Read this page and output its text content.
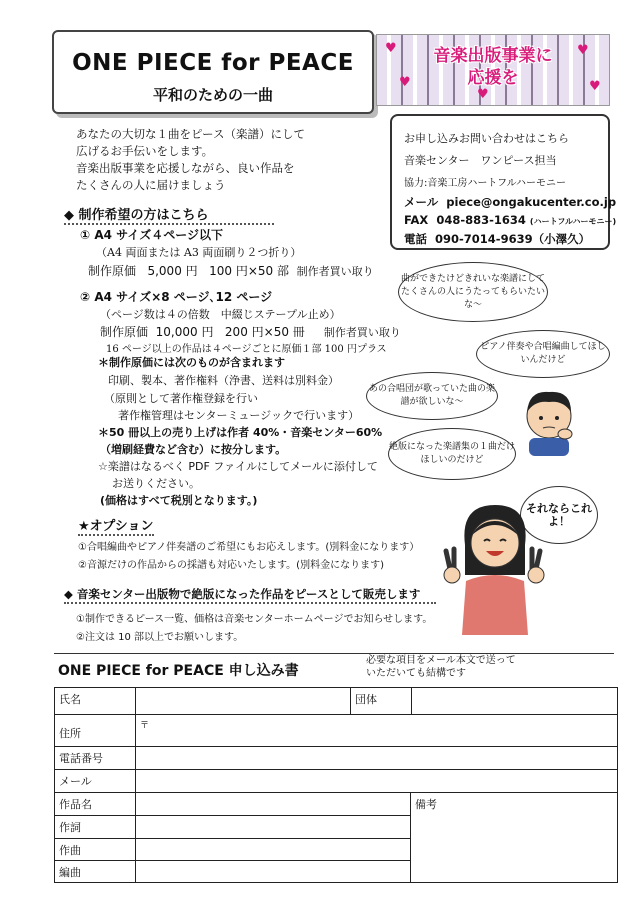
ONE PIECE for PEACE
平和のための一曲
♥
♥
♥
♥
♥
音楽出版事業に
応援を
あなたの大切な１曲をピース（楽譜）にして
広げるお手伝いをします。
音楽出版事業を応援しながら、良い作品を
たくさんの人に届けましょう
お申し込みお問い合わせはこちら
音楽センター　ワンピース担当
協力:音楽工房ハートフルハーモニー
メール piece@ongakucenter.co.jp
FAX 048-883-1634 (ハートフルハーモニー)
電話 090-7014-9639（小澤久）
◆ 制作希望の方はこちら
① A4 サイズ４ページ以下
（A4 両面または A3 両面刷り２つ折り）
制作原価 5,000 円 100 円×50 部 制作者買い取り
② A4 サイズ×8 ページ､12 ページ
（ページ数は４の倍数　中綴じステープル止め）
制作原価 10,000 円 200 円×50 冊 制作者買い取り
16 ページ以上の作品は４ページごとに原価１部 100 円プラス
＊制作原価には次のものが含まれます
印刷、製本、著作権料（浄書、送料は別料金）
（原則として著作権登録を行い
著作権管理はセンターミュージックで行います）
＊50 冊以上の売り上げは作者 40%・音楽センター60%
（増刷経費など含む）に按分します。
☆楽譜はなるべく PDF ファイルにしてメールに添付して
お送りください。
(価格はすべて税別となります。)
曲ができたけどきれいな楽譜にしてたくさんの人にうたってもらいたいな～
ピアノ伴奏や合唱編曲してほしいんだけど
あの合唱団が歌っていた曲の楽譜が欲しいな～
絶版になった楽譜集の１曲だけほしいのだけど
それならこれよ！
★オプション
①合唱編曲やピアノ伴奏譜のご希望にもお応えします。(別料金になります）
②音源だけの作品からの採譜も対応いたします。(別料金になります)
◆ 音楽センター出版物で絶版になった作品をピースとして販売します
①制作できるピース一覧、価格は音楽センターホームページでお知らせします。
②注文は 10 部以上でお願いします。
ONE PIECE for PEACE 申し込み書
必要な項目をメール本文で送って
いただいても結構です
氏名	団体
住所
〒
電話番号
メール
作品名	備考
作詞
作曲
編曲
